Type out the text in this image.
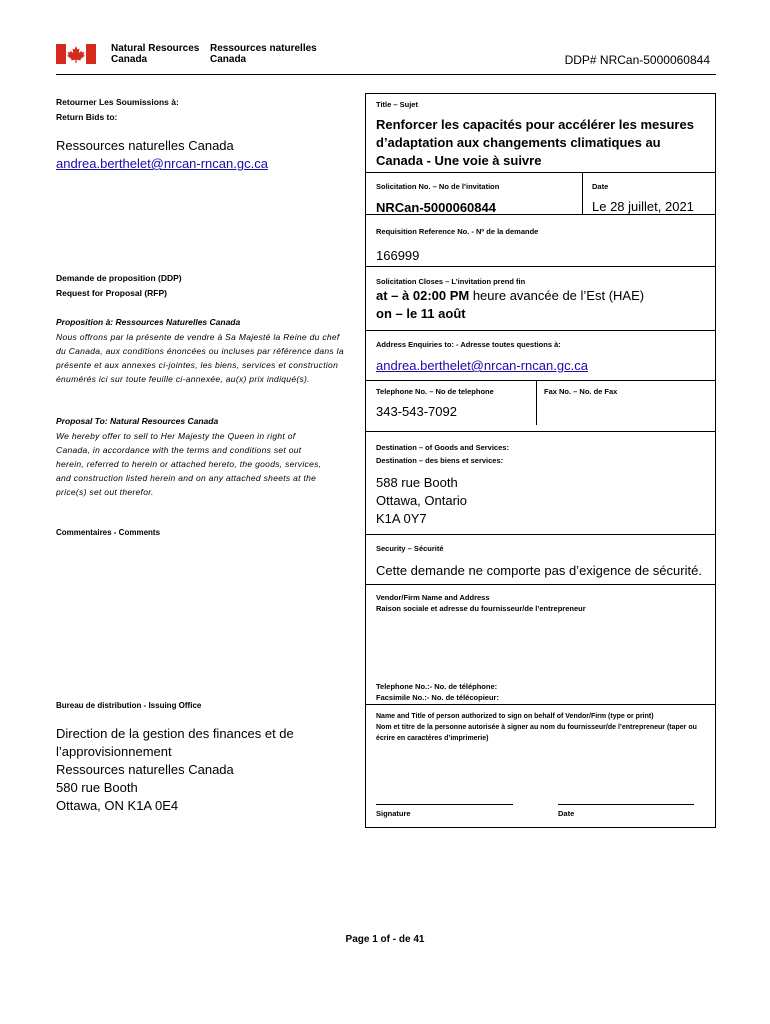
Natural Resources
Canada
Ressources naturelles
Canada	DDP# NRCan-5000060844
Retourner Les Soumissions à:
Return Bids to:
Ressources naturelles Canada
andrea.berthelet@nrcan-rncan.gc.ca
Demande de proposition (DDP)
Request for Proposal (RFP)
Proposition à: Ressources Naturelles Canada
Nous offrons par la présente de vendre à Sa Majesté la Reine du chef du Canada, aux conditions énoncées ou incluses par référence dans la présente et aux annexes ci-jointes, les biens, services et construction énumérés ici sur toute feuille ci-annexée, au(x) prix indiqué(s).
Proposal To: Natural Resources Canada
We hereby offer to sell to Her Majesty the Queen in right of Canada, in accordance with the terms and conditions set out herein, referred to herein or attached hereto, the goods, services, and construction listed herein and on any attached sheets at the price(s) set out therefor.
Commentaires - Comments
Bureau de distribution - Issuing Office
Direction de la gestion des finances et de
l’approvisionnement
Ressources naturelles Canada
580 rue Booth
Ottawa, ON K1A 0E4
Title – Sujet
Renforcer les capacités pour accélérer les mesures d’adaptation aux changements climatiques au Canada - Une voie à suivre
Solicitation No. – No de l’invitation	Date
NRCan-5000060844	Le 28 juillet, 2021
Requisition Reference No. - Nº de la demande
166999
Solicitation Closes – L’invitation prend fin
at – à 02:00 PM heure avancée de l’Est (HAE)
on – le 11 août
Address Enquiries to: - Adresse toutes questions à:
andrea.berthelet@nrcan-rncan.gc.ca
Telephone No. – No de telephone	Fax No. – No. de Fax
343-543-7092
Destination – of Goods and Services:
Destination – des biens et services:
588 rue Booth
Ottawa, Ontario
K1A 0Y7
Security – Sécurité
Cette demande ne comporte pas d’exigence de sécurité.
Vendor/Firm Name and Address
Raison sociale et adresse du fournisseur/de l’entrepreneur
Telephone No.:- No. de téléphone:
Facsimile No.:- No. de télécopieur:
Name and Title of person authorized to sign on behalf of Vendor/Firm (type or print)
Nom et titre de la personne autorisée à signer au nom du fournisseur/de l’entrepreneur (taper ou écrire en caractères d’imprimerie)
Signature	Date
Page 1 of - de 41
